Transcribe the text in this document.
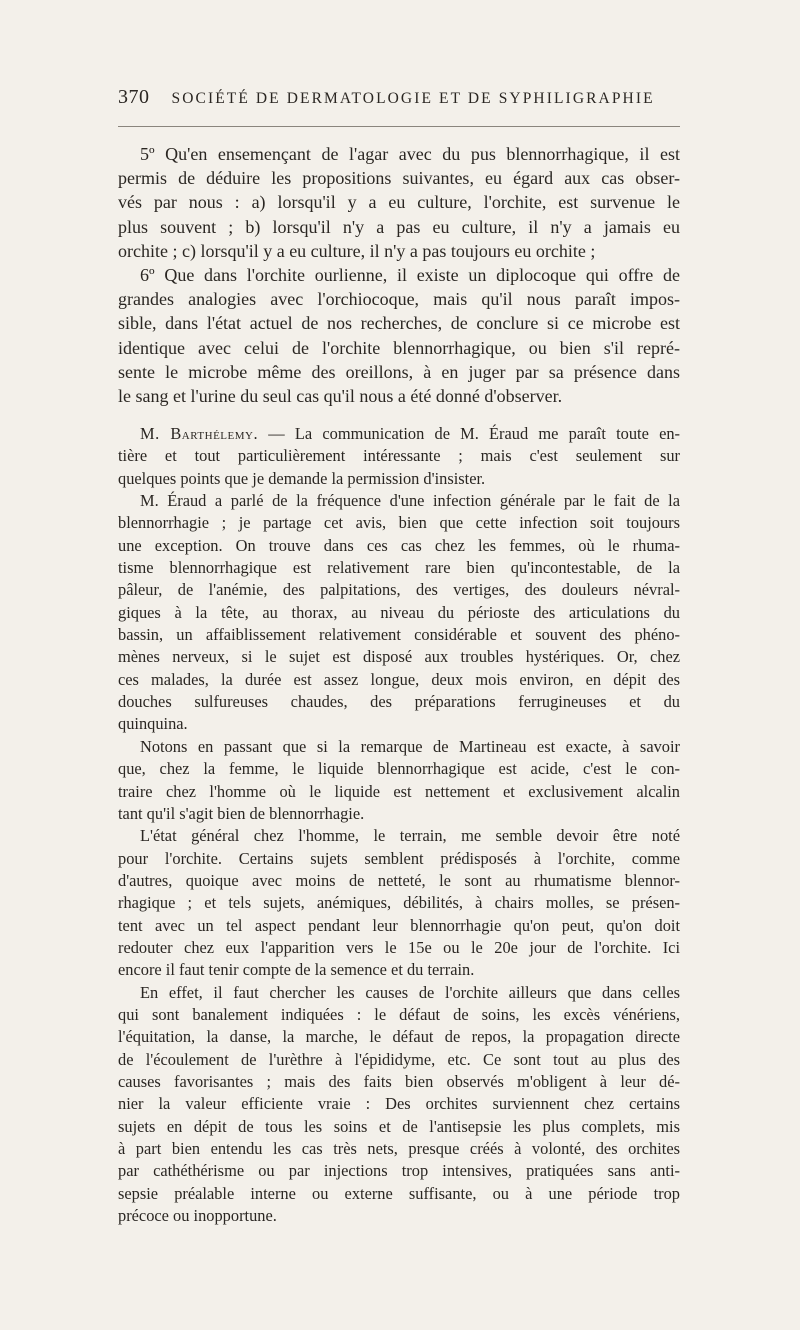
370 SOCIÉTÉ DE DERMATOLOGIE ET DE SYPHILIGRAPHIE

5º Qu'en ensemençant de l'agar avec du pus blennorrhagique, il est

permis de déduire les propositions suivantes, eu égard aux cas obser-

vés par nous : a) lorsqu'il y a eu culture, l'orchite, est survenue le

plus souvent ; b) lorsqu'il n'y a pas eu culture, il n'y a jamais eu

orchite ; c) lorsqu'il y a eu culture, il n'y a pas toujours eu orchite ;

6º Que dans l'orchite ourlienne, il existe un diplocoque qui offre de

grandes analogies avec l'orchiocoque, mais qu'il nous paraît impos-

sible, dans l'état actuel de nos recherches, de conclure si ce microbe est

identique avec celui de l'orchite blennorrhagique, ou bien s'il repré-

sente le microbe même des oreillons, à en juger par sa présence dans

le sang et l'urine du seul cas qu'il nous a été donné d'observer.

M. Barthélemy. — La communication de M. Éraud me paraît toute en-

tière et tout particulièrement intéressante ; mais c'est seulement sur

quelques points que je demande la permission d'insister.

M. Éraud a parlé de la fréquence d'une infection générale par le fait de la

blennorrhagie ; je partage cet avis, bien que cette infection soit toujours

une exception. On trouve dans ces cas chez les femmes, où le rhuma-

tisme blennorrhagique est relativement rare bien qu'incontestable, de la

pâleur, de l'anémie, des palpitations, des vertiges, des douleurs névral-

giques à la tête, au thorax, au niveau du périoste des articulations du

bassin, un affaiblissement relativement considérable et souvent des phéno-

mènes nerveux, si le sujet est disposé aux troubles hystériques. Or, chez

ces malades, la durée est assez longue, deux mois environ, en dépit des

douches sulfureuses chaudes, des préparations ferrugineuses et du

quinquina.

Notons en passant que si la remarque de Martineau est exacte, à savoir

que, chez la femme, le liquide blennorrhagique est acide, c'est le con-

traire chez l'homme où le liquide est nettement et exclusivement alcalin

tant qu'il s'agit bien de blennorrhagie.

L'état général chez l'homme, le terrain, me semble devoir être noté

pour l'orchite. Certains sujets semblent prédisposés à l'orchite, comme

d'autres, quoique avec moins de netteté, le sont au rhumatisme blennor-

rhagique ; et tels sujets, anémiques, débilités, à chairs molles, se présen-

tent avec un tel aspect pendant leur blennorrhagie qu'on peut, qu'on doit

redouter chez eux l'apparition vers le 15e ou le 20e jour de l'orchite. Ici

encore il faut tenir compte de la semence et du terrain.

En effet, il faut chercher les causes de l'orchite ailleurs que dans celles

qui sont banalement indiquées : le défaut de soins, les excès vénériens,

l'équitation, la danse, la marche, le défaut de repos, la propagation directe

de l'écoulement de l'urèthre à l'épididyme, etc. Ce sont tout au plus des

causes favorisantes ; mais des faits bien observés m'obligent à leur dé-

nier la valeur efficiente vraie : Des orchites surviennent chez certains

sujets en dépit de tous les soins et de l'antisepsie les plus complets, mis

à part bien entendu les cas très nets, presque créés à volonté, des orchites

par cathéthérisme ou par injections trop intensives, pratiquées sans anti-

sepsie préalable interne ou externe suffisante, ou à une période trop

précoce ou inopportune.
